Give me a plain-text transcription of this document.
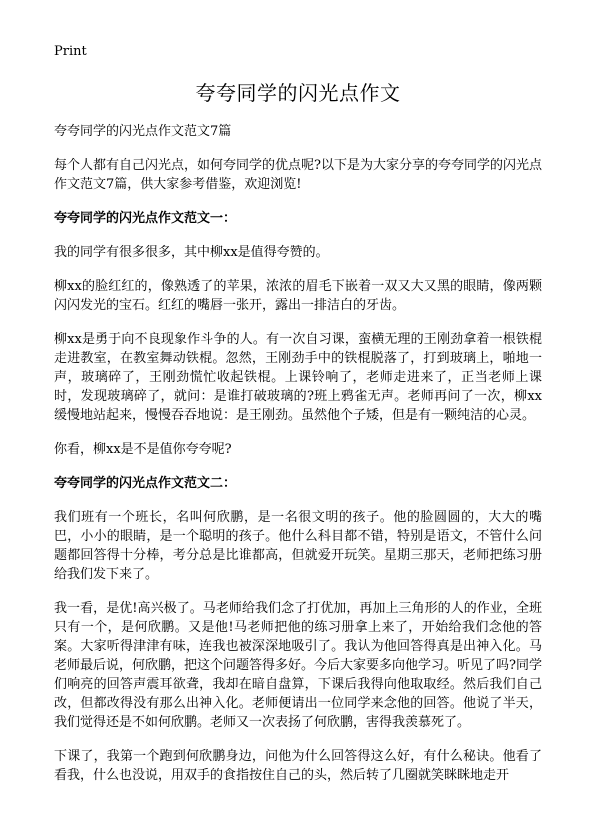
Print
夸夸同学的闪光点作文
夸夸同学的闪光点作文范文7篇

每个人都有自己闪光点，如何夸同学的优点呢?以下是为大家分享的夸夸同学的闪光点作文范文7篇，供大家参考借鉴，欢迎浏览!

夸夸同学的闪光点作文范文一：

我的同学有很多很多，其中柳xx是值得夸赞的。

柳xx的脸红红的，像熟透了的苹果，浓浓的眉毛下嵌着一双又大又黑的眼睛，像两颗闪闪发光的宝石。红红的嘴唇一张开，露出一排洁白的牙齿。

柳xx是勇于向不良现象作斗争的人。有一次自习课，蛮横无理的王刚劲拿着一根铁棍走进教室，在教室舞动铁棍。忽然，王刚劲手中的铁棍脱落了，打到玻璃上，啪地一声，玻璃碎了，王刚劲慌忙收起铁棍。上课铃响了，老师走进来了，正当老师上课时，发现玻璃碎了，就问：是谁打破玻璃的?班上鸦雀无声。老师再问了一次，柳xx缓慢地站起来，慢慢吞吞地说：是王刚劲。虽然他个子矮，但是有一颗纯洁的心灵。

你看，柳xx是不是值你夸夸呢?

夸夸同学的闪光点作文范文二：

我们班有一个班长，名叫何欣鹏，是一名很文明的孩子。他的脸圆圆的，大大的嘴巴，小小的眼睛，是一个聪明的孩子。他什么科目都不错，特别是语文，不管什么问题都回答得十分棒，考分总是比谁都高，但就爱开玩笑。星期三那天，老师把练习册给我们发下来了。

我一看，是优!高兴极了。马老师给我们念了打优加，再加上三角形的人的作业，全班只有一个，是何欣鹏。又是他!马老师把他的练习册拿上来了，开始给我们念他的答案。大家听得津津有味，连我也被深深地吸引了。我认为他回答得真是出神入化。马老师最后说，何欣鹏，把这个问题答得多好。今后大家要多向他学习。听见了吗?同学们响亮的回答声震耳欲聋，我却在暗自盘算，下课后我得向他取取经。然后我们自己改，但都改得没有那么出神入化。老师便请出一位同学来念他的回答。他说了半天，我们觉得还是不如何欣鹏。老师又一次表扬了何欣鹏，害得我羡慕死了。

下课了，我第一个跑到何欣鹏身边，问他为什么回答得这么好，有什么秘诀。他看了看我，什么也没说，用双手的食指按住自己的头，然后转了几圈就笑眯眯地走开
